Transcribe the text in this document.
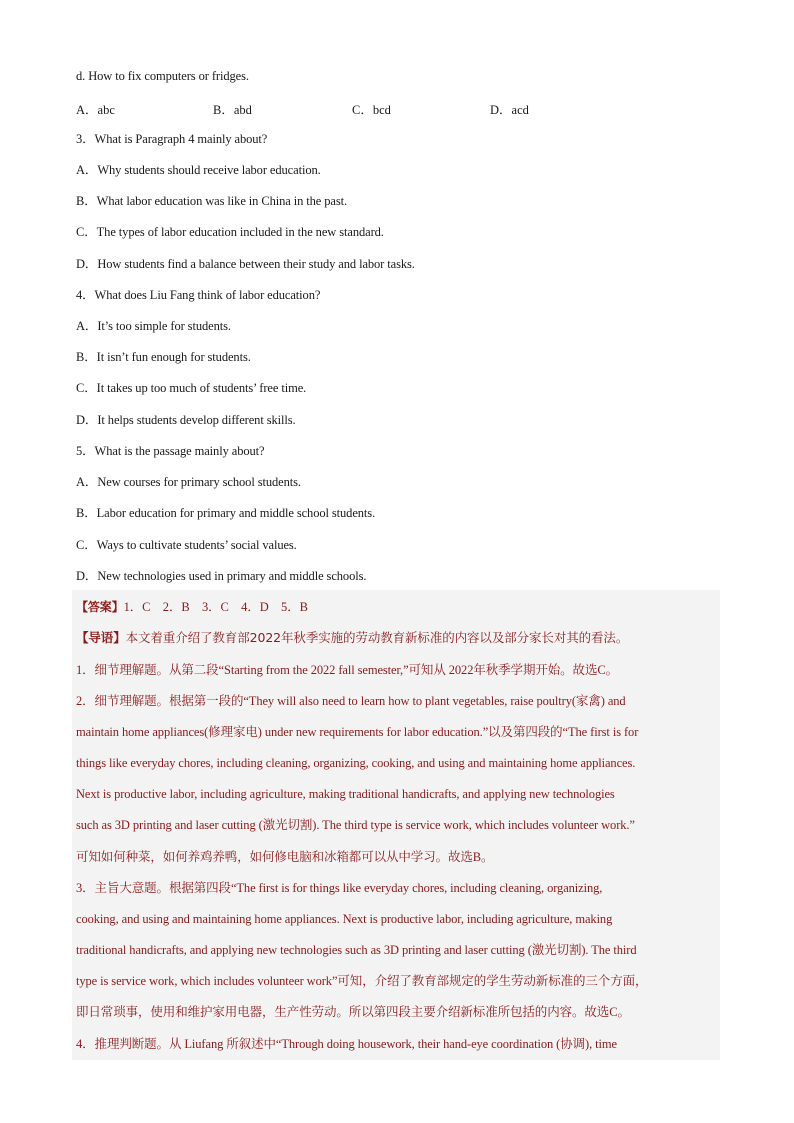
d. How to fix computers or fridges.
A．abc	B．abd	C．bcd	D．acd
3．What is Paragraph 4 mainly about?
A．Why students should receive labor education.
B．What labor education was like in China in the past.
C．The types of labor education included in the new standard.
D．How students find a balance between their study and labor tasks.
4．What does Liu Fang think of labor education?
A．It’s too simple for students.
B．It isn’t fun enough for students.
C．It takes up too much of students’ free time.
D．It helps students develop different skills.
5．What is the passage mainly about?
A．New courses for primary school students.
B．Labor education for primary and middle school students.
C．Ways to cultivate students’ social values.
D．New technologies used in primary and middle schools.
【答案】1．C　2．B　3．C　4．D　5．B
【导语】本文着重介绍了教育部2022年秋季实施的劳动教育新标准的内容以及部分家长对其的看法。
1．细节理解题。从第二段“Starting from the 2022 fall semester,”可知从 2022年秋季学期开始。故选C。
2．细节理解题。根据第一段的“They will also need to learn how to plant vegetables, raise poultry(家禽) and
maintain home appliances(修理家电) under new requirements for labor education.”以及第四段的“The first is for
things like everyday chores, including cleaning, organizing, cooking, and using and maintaining home appliances.
Next is productive labor, including agriculture, making traditional handicrafts, and applying new technologies
such as 3D printing and laser cutting (激光切割). The third type is service work, which includes volunteer work.”
可知如何种菜，如何养鸡养鸭，如何修电脑和冰箱都可以从中学习。故选B。
3．主旨大意题。根据第四段“The first is for things like everyday chores, including cleaning, organizing,
cooking, and using and maintaining home appliances. Next is productive labor, including agriculture, making
traditional handicrafts, and applying new technologies such as 3D printing and laser cutting (激光切割). The third
type is service work, which includes volunteer work”可知，介绍了教育部规定的学生劳动新标准的三个方面，
即日常琐事，使用和维护家用电器，生产性劳动。所以第四段主要介绍新标准所包括的内容。故选C。
4．推理判断题。从 Liufang 所叙述中“Through doing housework, their hand-eye coordination (协调), time
